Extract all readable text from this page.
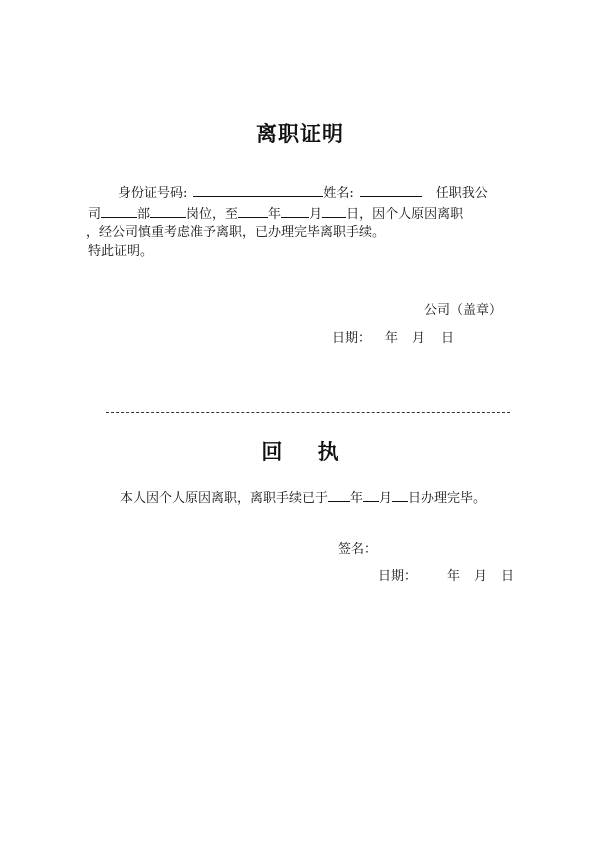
离职证明
身份证号码:	姓名:	任职我公
司	部	岗位，至 年 月 日，因个人原因离职
，经公司慎重考虑准予离职，已办理完毕离职手续。
特此证明。
公司（盖章）
日期： 年 月 日
回 执
本人因个人原因离职，离职手续已于 年 月 日办理完毕。
签名：
日期： 年 月 日
